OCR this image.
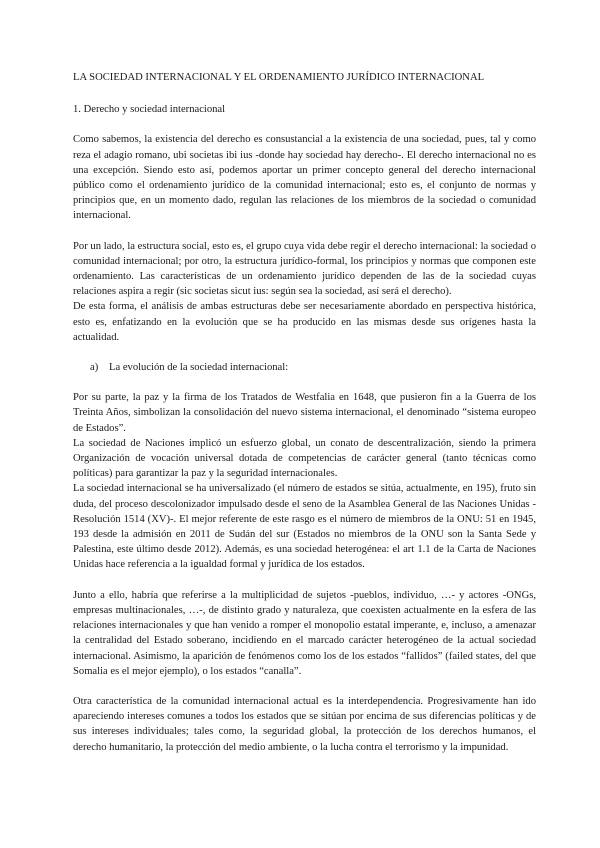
LA SOCIEDAD INTERNACIONAL Y EL ORDENAMIENTO JURÍDICO INTERNACIONAL
1. Derecho y sociedad internacional

Como sabemos, la existencia del derecho es consustancial a la existencia de una sociedad, pues, tal y como reza el adagio romano, ubi societas ibi ius -donde hay sociedad hay derecho-. El derecho internacional no es una excepción. Siendo esto así, podemos aportar un primer concepto general del derecho internacional público como el ordenamiento jurídico de la comunidad internacional; esto es, el conjunto de normas y principios que, en un momento dado, regulan las relaciones de los miembros de la sociedad o comunidad internacional.

Por un lado, la estructura social, esto es, el grupo cuya vida debe regir el derecho internacional: la sociedad o comunidad internacional; por otro, la estructura jurídico-formal, los principios y normas que componen este ordenamiento. Las características de un ordenamiento jurídico dependen de las de la sociedad cuyas relaciones aspira a regir (sic societas sicut ius: según sea la sociedad, así será el derecho).

De esta forma, el análisis de ambas estructuras debe ser necesariamente abordado en perspectiva histórica, esto es, enfatizando en la evolución que se ha producido en las mismas desde sus orígenes hasta la actualidad.

a)	La evolución de la sociedad internacional:

Por su parte, la paz y la firma de los Tratados de Westfalia en 1648, que pusieron fin a la Guerra de los Treinta Años, simbolizan la consolidación del nuevo sistema internacional, el denominado “sistema europeo de Estados”.

La sociedad de Naciones implicó un esfuerzo global, un conato de descentralización, siendo la primera Organización de vocación universal dotada de competencias de carácter general (tanto técnicas como políticas) para garantizar la paz y la seguridad internacionales.

La sociedad internacional se ha universalizado (el número de estados se sitúa, actualmente, en 195), fruto sin duda, del proceso descolonizador impulsado desde el seno de la Asamblea General de las Naciones Unidas -Resolución 1514 (XV)-. El mejor referente de este rasgo es el número de miembros de la ONU: 51 en 1945, 193 desde la admisión en 2011 de Sudán del sur (Estados no miembros de la ONU son la Santa Sede y Palestina, este último desde 2012). Además, es una sociedad heterogénea: el art 1.1 de la Carta de Naciones Unidas hace referencia a la igualdad formal y jurídica de los estados.

Junto a ello, habría que referirse a la multiplicidad de sujetos -pueblos, individuo, …- y actores -ONGs, empresas multinacionales, …-, de distinto grado y naturaleza, que coexisten actualmente en la esfera de las relaciones internacionales y que han venido a romper el monopolio estatal imperante, e, incluso, a amenazar la centralidad del Estado soberano, incidiendo en el marcado carácter heterogéneo de la actual sociedad internacional. Asimismo, la aparición de fenómenos como los de los estados “fallidos” (failed states, del que Somalia es el mejor ejemplo), o los estados “canalla”.

Otra característica de la comunidad internacional actual es la interdependencia. Progresivamente han ido apareciendo intereses comunes a todos los estados que se sitúan por encima de sus diferencias políticas y de sus intereses individuales; tales como, la seguridad global, la protección de los derechos humanos, el derecho humanitario, la protección del medio ambiente, o la lucha contra el terrorismo y la impunidad.
